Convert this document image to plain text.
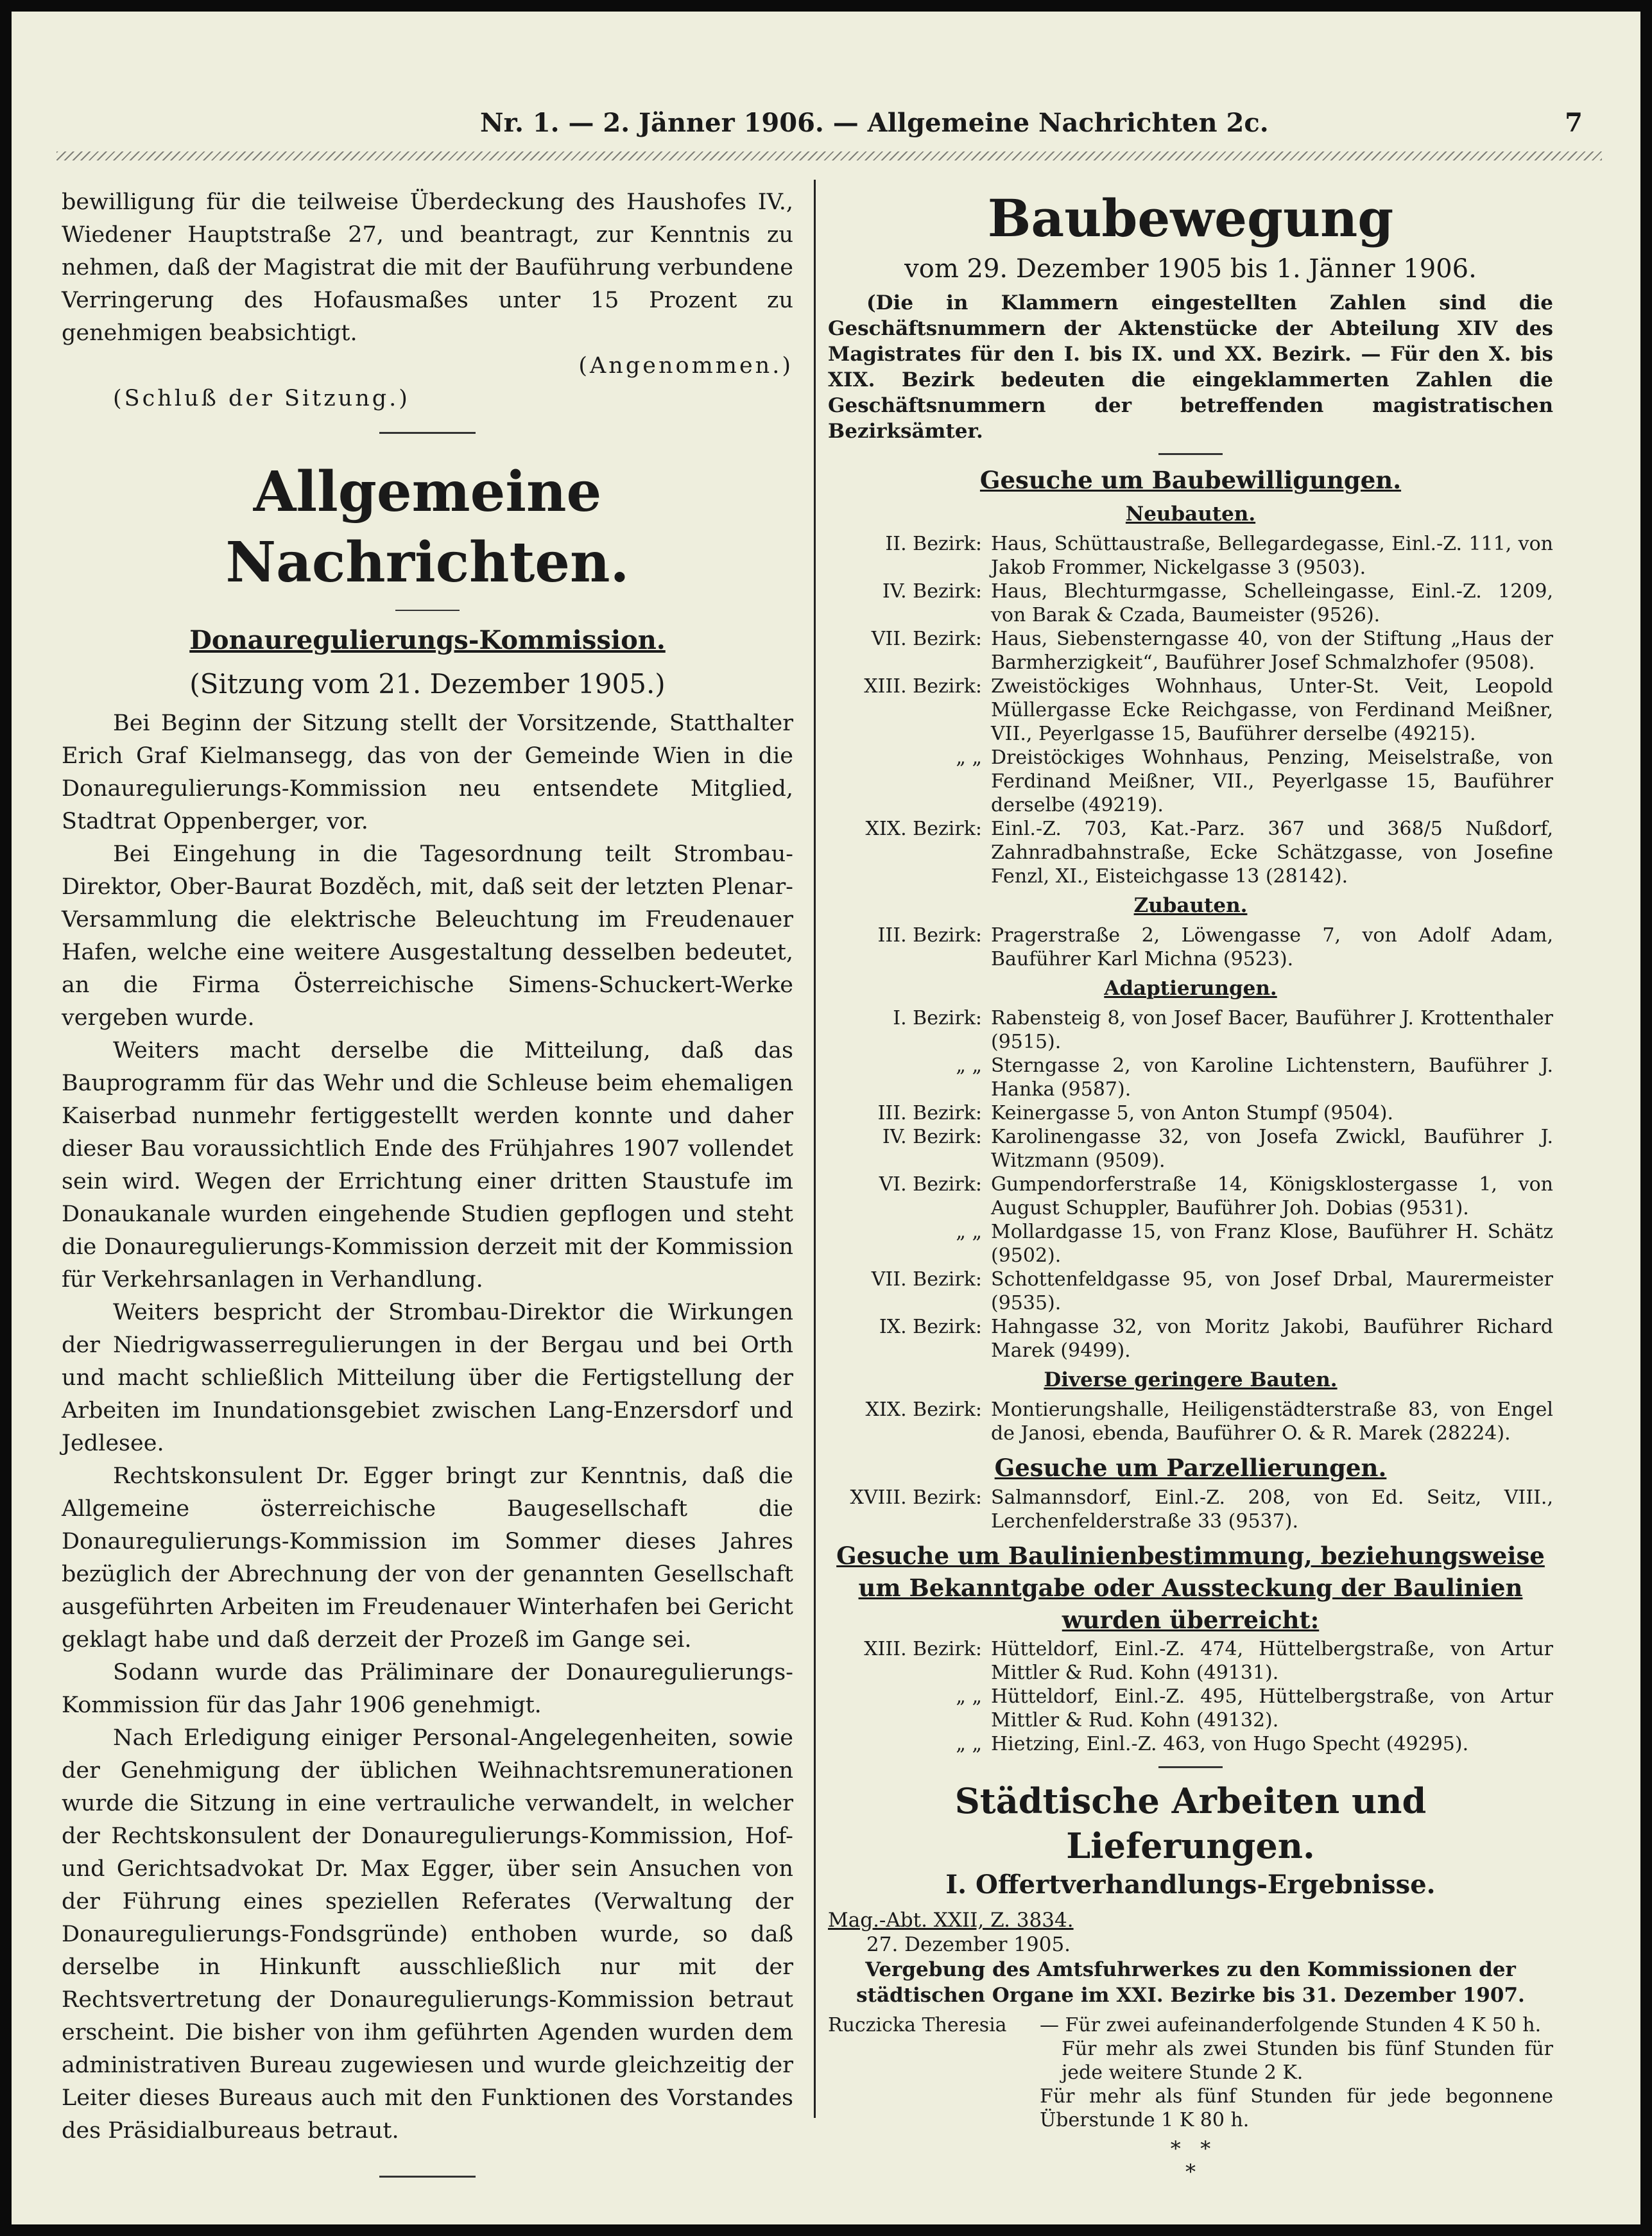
Nr. 1. — 2. Jänner 1906. — Allgemeine Nachrichten 2c.	7

bewilligung für die teilweise Überdeckung des Haushofes IV., Wiedener Hauptstraße 27, und beantragt, zur Kenntnis zu nehmen, daß der Magistrat die mit der Bauführung verbundene Verringerung des Hofausmaßes unter 15 Prozent zu genehmigen beabsichtigt.

(Angenommen.)

(Schluß der Sitzung.)

Allgemeine Nachrichten.
Donauregulierungs-Kommission.
(Sitzung vom 21. Dezember 1905.)

Bei Beginn der Sitzung stellt der Vorsitzende, Statthalter Erich Graf Kielmansegg, das von der Gemeinde Wien in die Donauregulierungs-Kommission neu entsendete Mitglied, Stadtrat Oppenberger, vor.

Bei Eingehung in die Tagesordnung teilt Strombau-Direktor, Ober-Baurat Bozděch, mit, daß seit der letzten Plenar-Versammlung die elektrische Beleuchtung im Freudenauer Hafen, welche eine weitere Ausgestaltung desselben bedeutet, an die Firma Österreichische Simens-Schuckert-Werke vergeben wurde.

Weiters macht derselbe die Mitteilung, daß das Bauprogramm für das Wehr und die Schleuse beim ehemaligen Kaiserbad nunmehr fertiggestellt werden konnte und daher dieser Bau voraussichtlich Ende des Frühjahres 1907 vollendet sein wird. Wegen der Errichtung einer dritten Staustufe im Donaukanale wurden eingehende Studien gepflogen und steht die Donauregulierungs-Kommission derzeit mit der Kommission für Verkehrsanlagen in Verhandlung.

Weiters bespricht der Strombau-Direktor die Wirkungen der Niedrigwasserregulierungen in der Bergau und bei Orth und macht schließlich Mitteilung über die Fertigstellung der Arbeiten im Inundationsgebiet zwischen Lang-Enzersdorf und Jedlesee.

Rechtskonsulent Dr. Egger bringt zur Kenntnis, daß die Allgemeine österreichische Baugesellschaft die Donauregulierungs-Kommission im Sommer dieses Jahres bezüglich der Abrechnung der von der genannten Gesellschaft ausgeführten Arbeiten im Freudenauer Winterhafen bei Gericht geklagt habe und daß derzeit der Prozeß im Gange sei.

Sodann wurde das Präliminare der Donauregulierungs-Kommission für das Jahr 1906 genehmigt.

Nach Erledigung einiger Personal-Angelegenheiten, sowie der Genehmigung der üblichen Weihnachtsremunerationen wurde die Sitzung in eine vertrauliche verwandelt, in welcher der Rechtskonsulent der Donauregulierungs-Kommission, Hof- und Gerichtsadvokat Dr. Max Egger, über sein Ansuchen von der Führung eines speziellen Referates (Verwaltung der Donauregulierungs-Fondsgründe) enthoben wurde, so daß derselbe in Hinkunft ausschließlich nur mit der Rechtsvertretung der Donauregulierungs-Kommission betraut erscheint. Die bisher von ihm geführten Agenden wurden dem administrativen Bureau zugewiesen und wurde gleichzeitig der Leiter dieses Bureaus auch mit den Funktionen des Vorstandes des Präsidialbureaus betraut.

Baubewegung
vom 29. Dezember 1905 bis 1. Jänner 1906.

(Die in Klammern eingestellten Zahlen sind die Geschäftsnummern der Aktenstücke der Abteilung XIV des Magistrates für den I. bis IX. und XX. Bezirk. — Für den X. bis XIX. Bezirk bedeuten die eingeklammerten Zahlen die Geschäftsnummern der betreffenden magistratischen Bezirksämter.

Gesuche um Baubewilligungen.
Neubauten.
II. Bezirk: Haus, Schüttaustraße, Bellegardegasse, Einl.-Z. 111, von Jakob Frommer, Nickelgasse 3 (9503).
IV. Bezirk: Haus, Blechturmgasse, Schelleingasse, Einl.-Z. 1209, von Barak & Czada, Baumeister (9526).
VII. Bezirk: Haus, Siebensterngasse 40, von der Stiftung „Haus der Barmherzigkeit“, Bauführer Josef Schmalzhofer (9508).
XIII. Bezirk: Zweistöckiges Wohnhaus, Unter-St. Veit, Leopold Müllergasse Ecke Reichgasse, von Ferdinand Meißner, VII., Peyerlgasse 15, Bauführer derselbe (49215).
„ „ Dreistöckiges Wohnhaus, Penzing, Meiselstraße, von Ferdinand Meißner, VII., Peyerlgasse 15, Bauführer derselbe (49219).
XIX. Bezirk: Einl.-Z. 703, Kat.-Parz. 367 und 368/5 Nußdorf, Zahnradbahnstraße, Ecke Schätzgasse, von Josefine Fenzl, XI., Eisteichgasse 13 (28142).
Zubauten.
III. Bezirk: Pragerstraße 2, Löwengasse 7, von Adolf Adam, Bauführer Karl Michna (9523).
Adaptierungen.
I. Bezirk: Rabensteig 8, von Josef Bacer, Bauführer J. Krottenthaler (9515).
„ „ Sterngasse 2, von Karoline Lichtenstern, Bauführer J. Hanka (9587).
III. Bezirk: Keinergasse 5, von Anton Stumpf (9504).
IV. Bezirk: Karolinengasse 32, von Josefa Zwickl, Bauführer J. Witzmann (9509).
VI. Bezirk: Gumpendorferstraße 14, Königsklostergasse 1, von August Schuppler, Bauführer Joh. Dobias (9531).
„ „ Mollardgasse 15, von Franz Klose, Bauführer H. Schätz (9502).
VII. Bezirk: Schottenfeldgasse 95, von Josef Drbal, Maurermeister (9535).
IX. Bezirk: Hahngasse 32, von Moritz Jakobi, Bauführer Richard Marek (9499).
Diverse geringere Bauten.
XIX. Bezirk: Montierungshalle, Heiligenstädterstraße 83, von Engel de Janosi, ebenda, Bauführer O. & R. Marek (28224).
Gesuche um Parzellierungen.
XVIII. Bezirk: Salmannsdorf, Einl.-Z. 208, von Ed. Seitz, VIII., Lerchenfelderstraße 33 (9537).
Gesuche um Baulinienbestimmung, beziehungsweise um Bekanntgabe oder Aussteckung der Baulinien wurden überreicht:
XIII. Bezirk: Hütteldorf, Einl.-Z. 474, Hüttelbergstraße, von Artur Mittler & Rud. Kohn (49131).
„ „ Hütteldorf, Einl.-Z. 495, Hüttelbergstraße, von Artur Mittler & Rud. Kohn (49132).
„ „ Hietzing, Einl.-Z. 463, von Hugo Specht (49295).
Städtische Arbeiten und Lieferungen.
I. Offertverhandlungs-Ergebnisse.
Mag.-Abt. XXII, Z. 3834.
27. Dezember 1905.
Vergebung des Amtsfuhrwerkes zu den Kommissionen der städtischen Organe im XXI. Bezirke bis 31. Dezember 1907.
Ruczicka Theresia	— Für zwei aufeinanderfolgende Stunden 4 K 50 h.
Für mehr als zwei Stunden bis fünf Stunden für jede weitere Stunde 2 K.
Für mehr als fünf Stunden für jede begonnene Überstunde 1 K 80 h.
*   *
*
